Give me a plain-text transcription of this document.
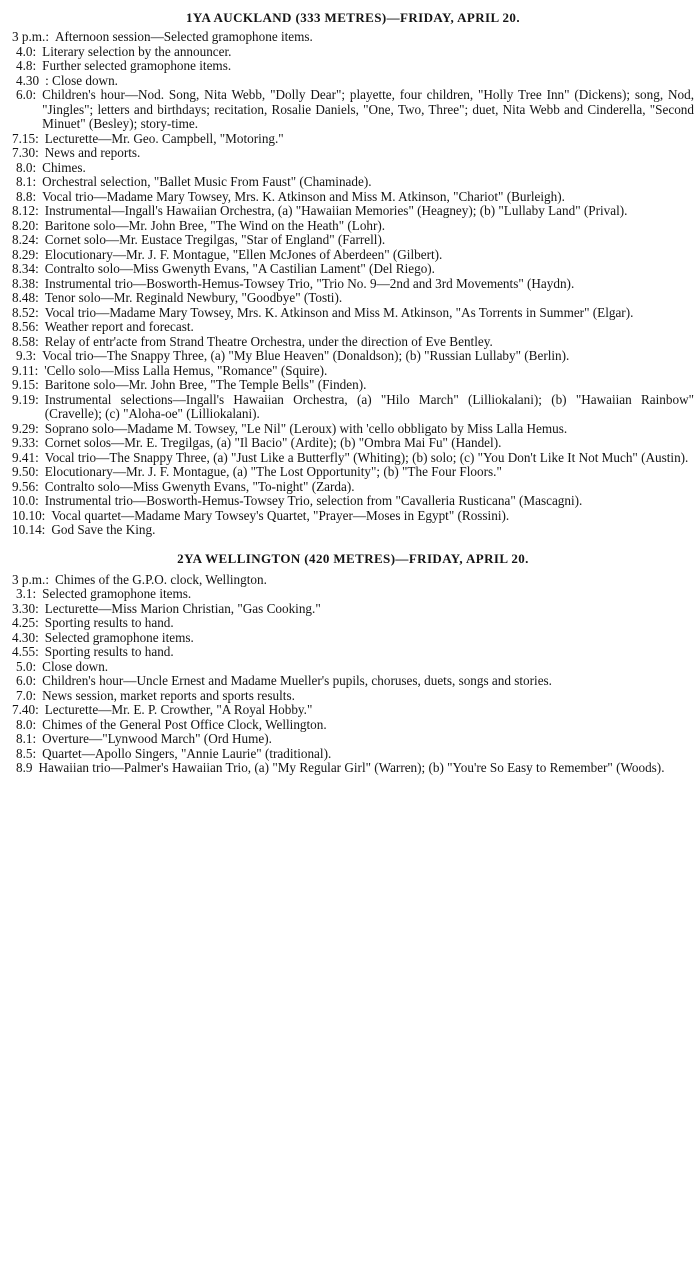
1YA AUCKLAND (333 METRES)—FRIDAY, APRIL 20.
3 p.m.: Afternoon session—Selected gramophone items.
4.0: Literary selection by the announcer.
4.8: Further selected gramophone items.
4.30 : Close down.
6.0: Children's hour—Nod. Song, Nita Webb, "Dolly Dear"; playette, four children, "Holly Tree Inn" (Dickens); song, Nod, "Jingles"; letters and birthdays; recitation, Rosalie Daniels, "One, Two, Three"; duet, Nita Webb and Cinderella, "Second Minuet" (Besley); story-time.
7.15: Lecturette—Mr. Geo. Campbell, "Motoring."
7.30: News and reports.
8.0: Chimes.
8.1: Orchestral selection, "Ballet Music From Faust" (Chaminade).
8.8: Vocal trio—Madame Mary Towsey, Mrs. K. Atkinson and Miss M. Atkinson, "Chariot" (Burleigh).
8.12: Instrumental—Ingall's Hawaiian Orchestra, (a) "Hawaiian Memories" (Heagney); (b) "Lullaby Land" (Prival).
8.20: Baritone solo—Mr. John Bree, "The Wind on the Heath" (Lohr).
8.24: Cornet solo—Mr. Eustace Tregilgas, "Star of England" (Farrell).
8.29: Elocutionary—Mr. J. F. Montague, "Ellen McJones of Aberdeen" (Gilbert).
8.34: Contralto solo—Miss Gwenyth Evans, "A Castilian Lament" (Del Riego).
8.38: Instrumental trio—Bosworth-Hemus-Towsey Trio, "Trio No. 9—2nd and 3rd Movements" (Haydn).
8.48: Tenor solo—Mr. Reginald Newbury, "Goodbye" (Tosti).
8.52: Vocal trio—Madame Mary Towsey, Mrs. K. Atkinson and Miss M. Atkinson, "As Torrents in Summer" (Elgar).
8.56: Weather report and forecast.
8.58: Relay of entr'acte from Strand Theatre Orchestra, under the direction of Eve Bentley.
9.3: Vocal trio—The Snappy Three, (a) "My Blue Heaven" (Donaldson); (b) "Russian Lullaby" (Berlin).
9.11: 'Cello solo—Miss Lalla Hemus, "Romance" (Squire).
9.15: Baritone solo—Mr. John Bree, "The Temple Bells" (Finden).
9.19: Instrumental selections—Ingall's Hawaiian Orchestra, (a) "Hilo March" (Lilliokalani); (b) "Hawaiian Rainbow" (Cravelle); (c) "Aloha-oe" (Lilliokalani).
9.29: Soprano solo—Madame M. Towsey, "Le Nil" (Leroux) with 'cello obbligato by Miss Lalla Hemus.
9.33: Cornet solos—Mr. E. Tregilgas, (a) "Il Bacio" (Ardite); (b) "Ombra Mai Fu" (Handel).
9.41: Vocal trio—The Snappy Three, (a) "Just Like a Butterfly" (Whiting); (b) solo; (c) "You Don't Like It Not Much" (Austin).
9.50: Elocutionary—Mr. J. F. Montague, (a) "The Lost Opportunity"; (b) "The Four Floors."
9.56: Contralto solo—Miss Gwenyth Evans, "To-night" (Zarda).
10.0: Instrumental trio—Bosworth-Hemus-Towsey Trio, selection from "Cavalleria Rusticana" (Mascagni).
10.10: Vocal quartet—Madame Mary Towsey's Quartet, "Prayer—Moses in Egypt" (Rossini).
10.14: God Save the King.
2YA WELLINGTON (420 METRES)—FRIDAY, APRIL 20.
3 p.m.: Chimes of the G.P.O. clock, Wellington.
3.1: Selected gramophone items.
3.30: Lecturette—Miss Marion Christian, "Gas Cooking."
4.25: Sporting results to hand.
4.30: Selected gramophone items.
4.55: Sporting results to hand.
5.0: Close down.
6.0: Children's hour—Uncle Ernest and Madame Mueller's pupils, choruses, duets, songs and stories.
7.0: News session, market reports and sports results.
7.40: Lecturette—Mr. E. P. Crowther, "A Royal Hobby."
8.0: Chimes of the General Post Office Clock, Wellington.
8.1: Overture—"Lynwood March" (Ord Hume).
8.5: Quartet—Apollo Singers, "Annie Laurie" (traditional).
8.9 Hawaiian trio—Palmer's Hawaiian Trio, (a) "My Regular Girl" (Warren); (b) "You're So Easy to Remember" (Woods).
